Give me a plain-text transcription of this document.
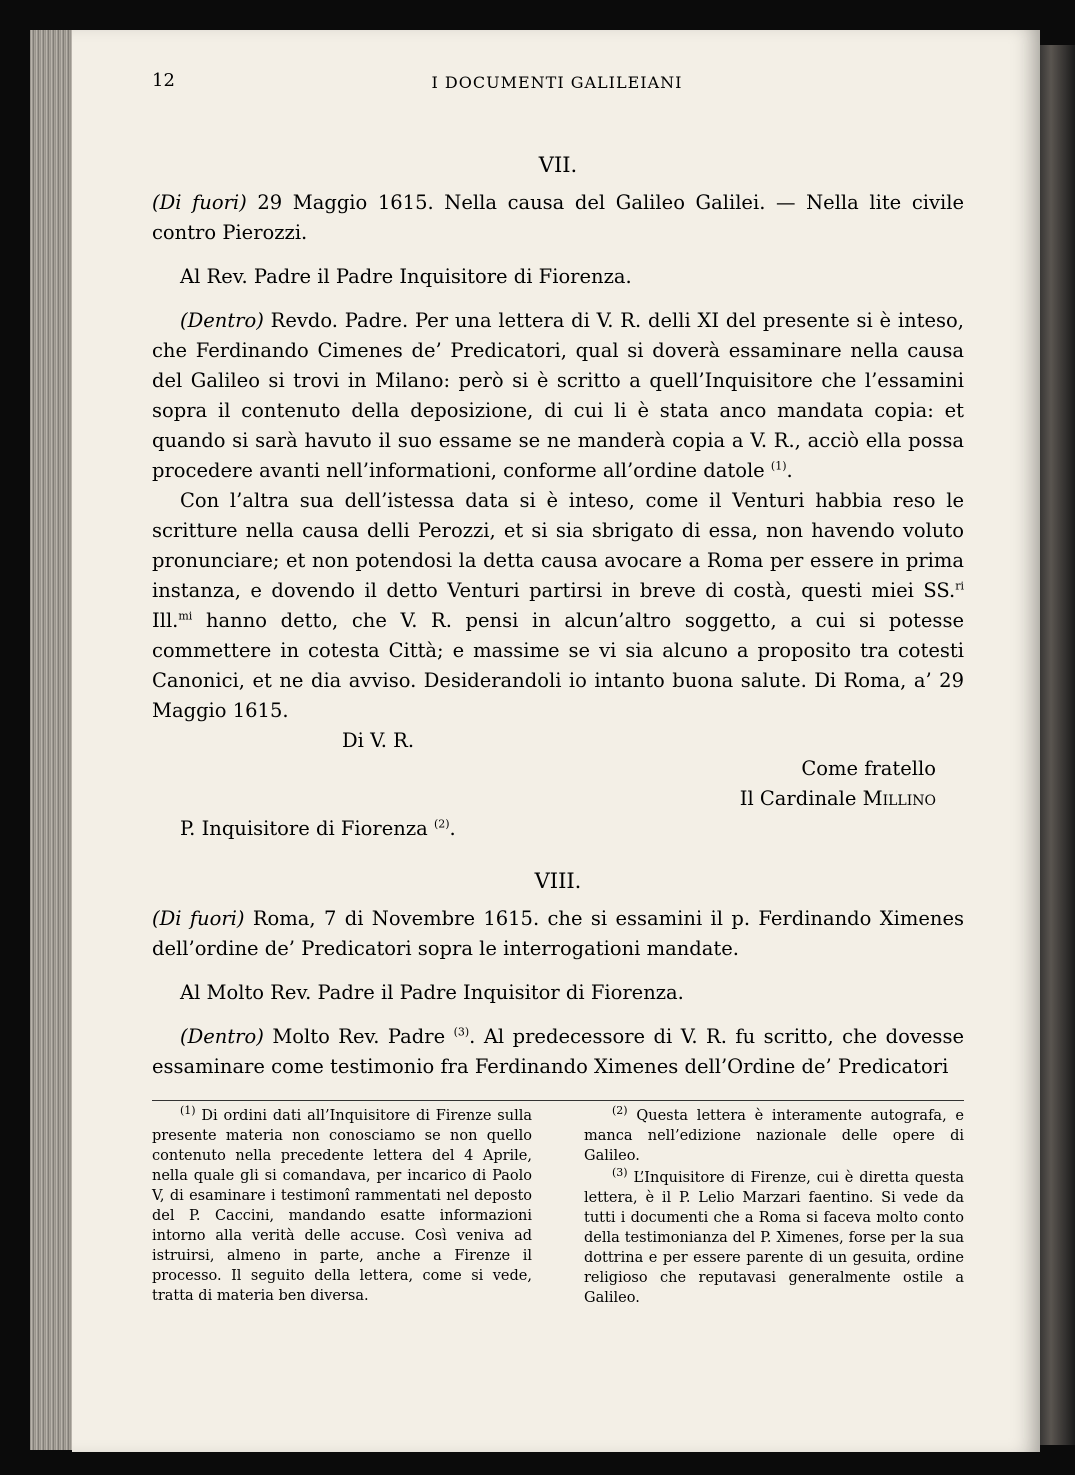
12	I DOCUMENTI GALILEIANI
VII.

(Di fuori) 29 Maggio 1615. Nella causa del Galileo Galilei. — Nella lite civile contro Pierozzi.

Al Rev. Padre il Padre Inquisitore di Fiorenza.

(Dentro) Revdo. Padre. Per una lettera di V. R. delli XI del presente si è inteso, che Ferdinando Cimenes de’ Predicatori, qual si doverà essaminare nella causa del Galileo si trovi in Milano: però si è scritto a quell’Inquisitore che l’essamini sopra il contenuto della deposizione, di cui li è stata anco mandata copia: et quando si sarà havuto il suo essame se ne manderà copia a V. R., acciò ella possa procedere avanti nell’informationi, conforme all’ordine datole $^{(1)}$.

Con l’altra sua dell’istessa data si è inteso, come il Venturi habbia reso le scritture nella causa delli Perozzi, et si sia sbrigato di essa, non havendo voluto pronunciare; et non potendosi la detta causa avocare a Roma per essere in prima instanza, e dovendo il detto Venturi partirsi in breve di costà, questi miei SS.$^{ri}$ Ill.$^{mi}$ hanno detto, che V. R. pensi in alcun’altro soggetto, a cui si potesse commettere in cotesta Città; e massime se vi sia alcuno a proposito tra cotesti Canonici, et ne dia avviso. Desiderandoli io intanto buona salute. Di Roma, a’ 29 Maggio 1615.

Di V. R.
Come fratello
Il Cardinale Millino
P. Inquisitore di Fiorenza $^{(2)}$.
VIII.

(Di fuori) Roma, 7 di Novembre 1615. che si essamini il p. Ferdinando Ximenes dell’ordine de’ Predicatori sopra le interrogationi mandate.

Al Molto Rev. Padre il Padre Inquisitor di Fiorenza.

(Dentro) Molto Rev. Padre $^{(3)}$. Al predecessore di V. R. fu scritto, che dovesse essaminare come testimonio fra Ferdinando Ximenes dell’Ordine de’ Predicatori

$^{(1)}$ Di ordini dati all’Inquisitore di Firenze sulla presente materia non conosciamo se non quello contenuto nella precedente lettera del 4 Aprile, nella quale gli si comandava, per incarico di Paolo V, di esaminare i testimonî rammentati nel deposto del P. Caccini, mandando esatte informazioni intorno alla verità delle accuse. Così veniva ad istruirsi, almeno in parte, anche a Firenze il processo. Il seguito della lettera, come si vede, tratta di materia ben diversa.

$^{(2)}$ Questa lettera è interamente autografa, e manca nell’edizione nazionale delle opere di Galileo.

$^{(3)}$ L’Inquisitore di Firenze, cui è diretta questa lettera, è il P. Lelio Marzari faentino. Si vede da tutti i documenti che a Roma si faceva molto conto della testimonianza del P. Ximenes, forse per la sua dottrina e per essere parente di un gesuita, ordine religioso che reputavasi generalmente ostile a Galileo.
